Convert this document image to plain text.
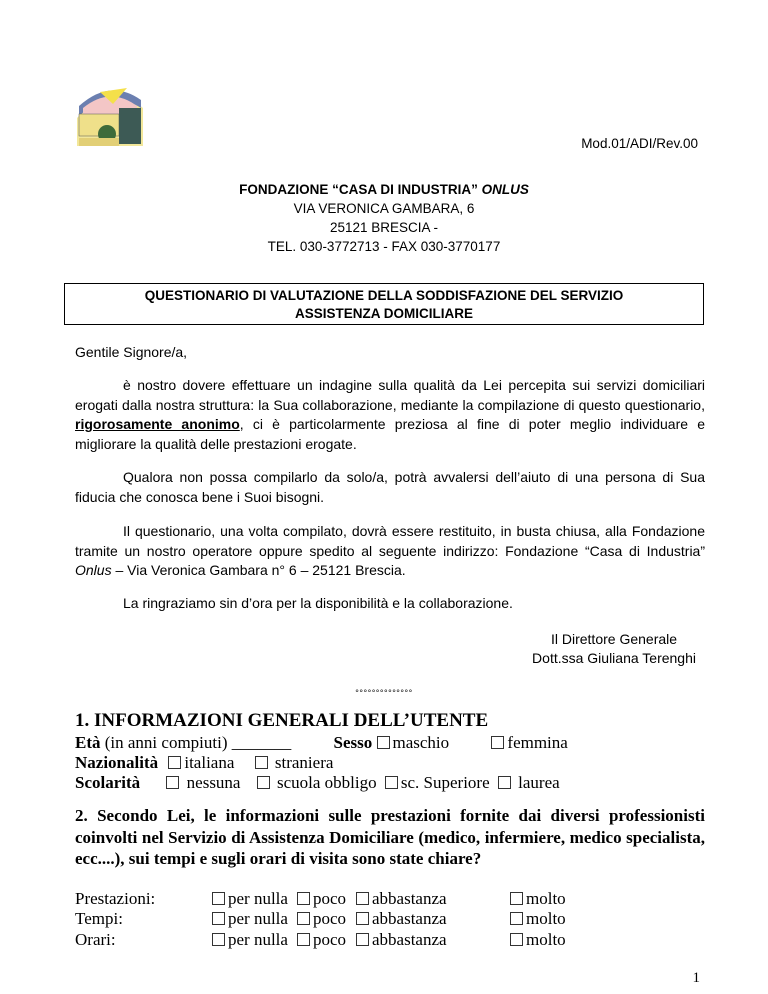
Mod.01/ADI/Rev.00
FONDAZIONE “CASA DI INDUSTRIA” ONLUS
VIA VERONICA GAMBARA, 6
25121 BRESCIA -
TEL. 030-3772713 - FAX 030-3770177
QUESTIONARIO DI VALUTAZIONE DELLA SODDISFAZIONE DEL SERVIZIO
ASSISTENZA DOMICILIARE
Gentile Signore/a,
è nostro dovere effettuare un indagine sulla qualità da Lei percepita sui servizi domiciliari erogati dalla nostra struttura: la Sua collaborazione, mediante la compilazione di questo questionario, rigorosamente anonimo, ci è particolarmente preziosa al fine di poter meglio individuare e migliorare la qualità delle prestazioni erogate.
Qualora non possa compilarlo da solo/a, potrà avvalersi dell’aiuto di una persona di Sua fiducia che conosca bene i Suoi bisogni.
Il questionario, una volta compilato, dovrà essere restituito, in busta chiusa, alla Fondazione tramite un nostro operatore oppure spedito al seguente indirizzo: Fondazione “Casa di Industria” Onlus – Via Veronica Gambara n° 6 – 25121 Brescia.
La ringraziamo sin d’ora per la disponibilità e la collaborazione.
Il Direttore Generale
Dott.ssa Giuliana Terenghi
°°°°°°°°°°°°°°
1. INFORMAZIONI GENERALI DELL’UTENTE
Età (in anni compiuti) _______ Sesso maschio	femmina
Nazionalità italiana straniera
Scolarità	nessuna scuola obbligo sc. Superiore laurea
2. Secondo Lei, le informazioni sulle prestazioni fornite dai diversi professionisti coinvolti nel Servizio di Assistenza Domiciliare (medico, infermiere, medico specialista, ecc....), sui tempi e sugli orari di visita sono state chiare?
Prestazioni:	per nulla	poco	abbastanza	molto
Tempi:	per nulla	poco	abbastanza	molto
Orari:	per nulla	poco	abbastanza	molto
1
